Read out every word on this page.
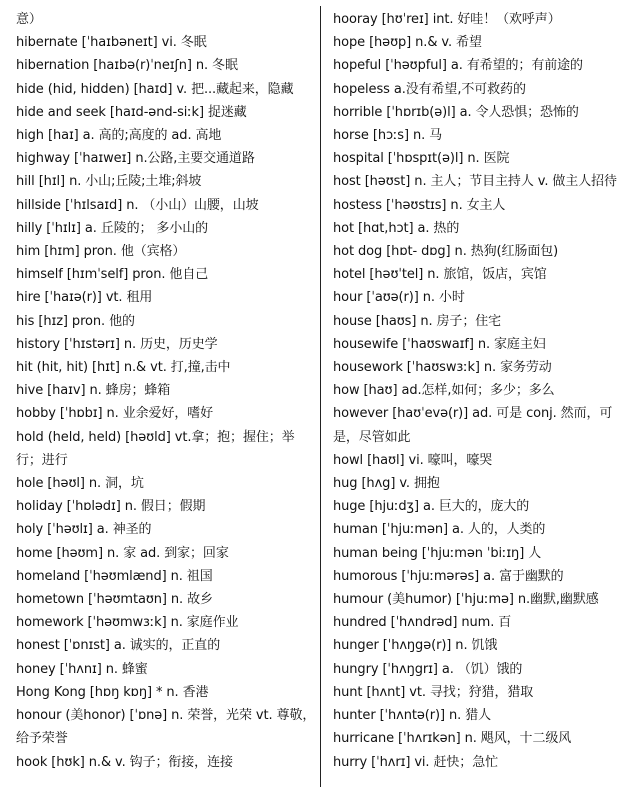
意）
hibernate [ˈhaɪbəneɪt] vi. 冬眠
hibernation [haɪbə(r)ˈneɪʃn] n. 冬眠
hide (hid, hidden) [haɪd] v. 把...藏起来，隐藏
hide and seek [haɪd-ənd-siːk] 捉迷藏
high [haɪ] a. 高的;高度的 ad. 高地
highway [ˈhaɪweɪ] n.公路,主要交通道路
hill [hɪl] n. 小山;丘陵;土堆;斜坡
hillside [ˈhɪlsaɪd] n. （小山）山腰，山坡
hilly [ˈhɪlɪ] a. 丘陵的； 多小山的
him [hɪm] pron. 他（宾格）
himself [hɪmˈself] pron. 他自己
hire [ˈhaɪə(r)] vt. 租用
his [hɪz] pron. 他的
history [ˈhɪstərɪ] n. 历史，历史学
hit (hit, hit) [hɪt] n.& vt. 打,撞,击中
hive [haɪv] n. 蜂房；蜂箱
hobby [ˈhɒbɪ] n. 业余爱好，嗜好
hold (held, held) [həʊld] vt.拿；抱；握住；举行；进行
hole [həʊl] n. 洞，坑
holiday [ˈhɒlədɪ] n. 假日；假期
holy [ˈhəʊlɪ] a. 神圣的
home [həʊm] n. 家 ad. 到家；回家
homeland [ˈhəʊmlænd] n. 祖国
hometown [ˈhəʊmtaʊn] n. 故乡
homework [ˈhəʊmwɜːk] n. 家庭作业
honest [ˈɒnɪst] a. 诚实的，正直的
honey [ˈhʌnɪ] n. 蜂蜜
Hong Kong [hɒŋ kɒŋ] * n. 香港
honour (美honor) [ˈɒnə] n. 荣誉，光荣 vt. 尊敬，给予荣誉
hook [hʊk] n.& v. 钩子；衔接，连接
hooray [hʊˈreɪ] int. 好哇！（欢呼声）
hope [həʊp] n.& v. 希望
hopeful [ˈhəʊpful] a. 有希望的；有前途的
hopeless a.没有希望,不可救药的
horrible [ˈhɒrɪb(ə)l] a. 令人恐惧；恐怖的
horse [hɔːs] n. 马
hospital [ˈhɒspɪt(ə)l] n. 医院
host [həʊst] n. 主人；节目主持人 v. 做主人招待
hostess [ˈhəʊstɪs] n. 女主人
hot [hɑt,hɔt] a. 热的
hot dog [hɒt- dɒg] n. 热狗(红肠面包)
hotel [həʊˈtel] n. 旅馆，饭店，宾馆
hour [ˈaʊə(r)] n. 小时
house [haʊs] n. 房子；住宅
housewife [ˈhaʊswaɪf] n. 家庭主妇
housework [ˈhaʊswɜːk] n. 家务劳动
how [haʊ] ad.怎样,如何；多少；多么
however [haʊˈevə(r)] ad. 可是 conj. 然而，可是，尽管如此
howl [haʊl] vi. 嚎叫，嚎哭
hug [hʌg] v. 拥抱
huge [hjuːdʒ] a. 巨大的，庞大的
human [ˈhjuːmən] a. 人的，人类的
human being [ˈhjuːmən ˈbiːɪŋ] 人
humorous [ˈhjuːmərəs] a. 富于幽默的
humour (美humor) [ˈhjuːmə] n.幽默,幽默感
hundred [ˈhʌndrəd] num. 百
hunger [ˈhʌŋgə(r)] n. 饥饿
hungry [ˈhʌŋgrɪ] a. （饥）饿的
hunt [hʌnt] vt. 寻找；狩猎，猎取
hunter [ˈhʌntə(r)] n. 猎人
hurricane [ˈhʌrɪkən] n. 飓风，十二级风
hurry [ˈhʌrɪ] vi. 赶快；急忙
